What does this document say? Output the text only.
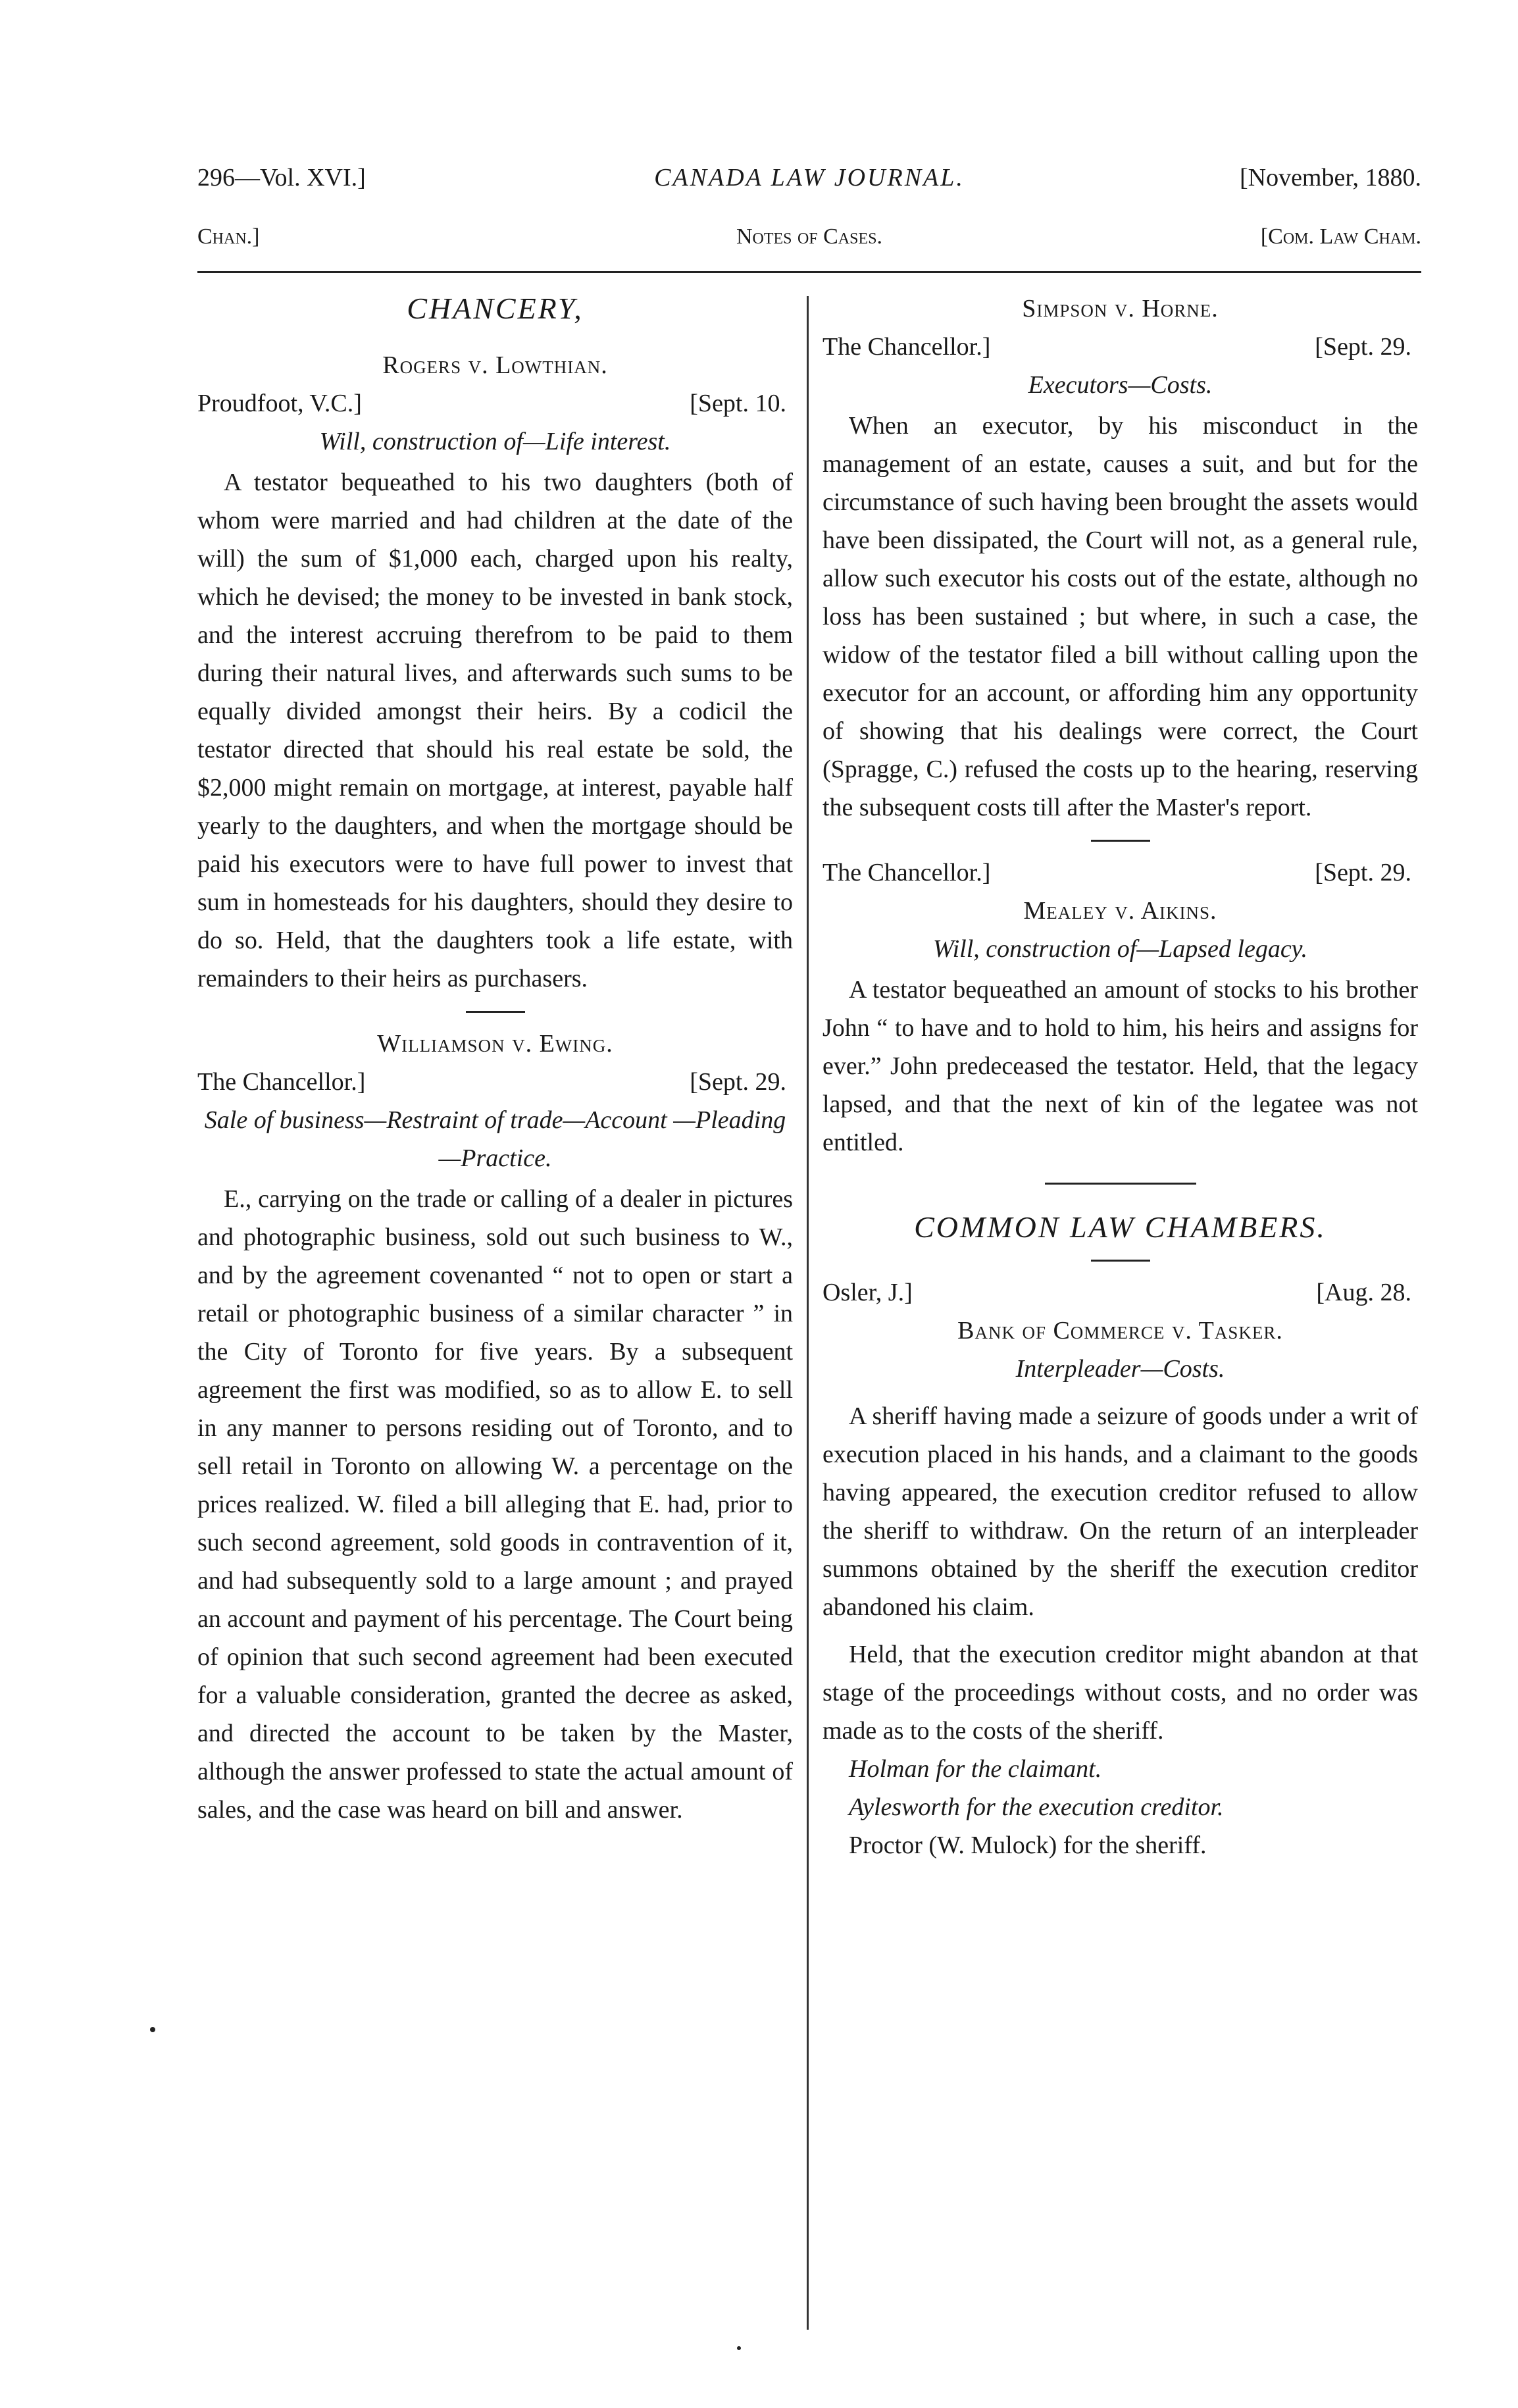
296—Vol. XVI.]	CANADA LAW JOURNAL.	[November, 1880.
Chan.]	Notes of Cases.	[Com. Law Cham.
CHANCERY,
Rogers v. Lowthian.
Proudfoot, V.C.]	[Sept. 10.
Will, construction of—Life interest.

A testator bequeathed to his two daughters (both of whom were married and had children at the date of the will) the sum of $1,000 each, charged upon his realty, which he devised; the money to be invested in bank stock, and the interest accruing therefrom to be paid to them during their natural lives, and afterwards such sums to be equally divided amongst their heirs. By a codicil the testator directed that should his real estate be sold, the $2,000 might remain on mortgage, at interest, payable half yearly to the daughters, and when the mortgage should be paid his executors were to have full power to invest that sum in homesteads for his daughters, should they desire to do so. Held, that the daughters took a life estate, with remainders to their heirs as purchasers.

Williamson v. Ewing.
The Chancellor.]	[Sept. 29.
Sale of business—Restraint of trade—Account —Pleading—Practice.

E., carrying on the trade or calling of a dealer in pictures and photographic business, sold out such business to W., and by the agreement covenanted “ not to open or start a retail or photographic business of a similar character ” in the City of Toronto for five years. By a subsequent agreement the first was modified, so as to allow E. to sell in any manner to persons residing out of Toronto, and to sell retail in Toronto on allowing W. a percentage on the prices realized. W. filed a bill alleging that E. had, prior to such second agreement, sold goods in contravention of it, and had subsequently sold to a large amount ; and prayed an account and payment of his percentage. The Court being of opinion that such second agreement had been executed for a valuable consideration, granted the decree as asked, and directed the account to be taken by the Master, although the answer professed to state the actual amount of sales, and the case was heard on bill and answer.

Simpson v. Horne.
The Chancellor.]	[Sept. 29.
Executors—Costs.

When an executor, by his misconduct in the management of an estate, causes a suit, and but for the circumstance of such having been brought the assets would have been dissipated, the Court will not, as a general rule, allow such executor his costs out of the estate, although no loss has been sustained ; but where, in such a case, the widow of the testator filed a bill without calling upon the executor for an account, or affording him any opportunity of showing that his dealings were correct, the Court (Spragge, C.) refused the costs up to the hearing, reserving the subsequent costs till after the Master's report.

The Chancellor.]	[Sept. 29.
Mealey v. Aikins.
Will, construction of—Lapsed legacy.

A testator bequeathed an amount of stocks to his brother John “ to have and to hold to him, his heirs and assigns for ever.” John predeceased the testator. Held, that the legacy lapsed, and that the next of kin of the legatee was not entitled.

COMMON LAW CHAMBERS.
Osler, J.]	[Aug. 28.
Bank of Commerce v. Tasker.
Interpleader—Costs.

A sheriff having made a seizure of goods under a writ of execution placed in his hands, and a claimant to the goods having appeared, the execution creditor refused to allow the sheriff to withdraw. On the return of an interpleader summons obtained by the sheriff the execution creditor abandoned his claim.

Held, that the execution creditor might abandon at that stage of the proceedings without costs, and no order was made as to the costs of the sheriff.

Holman for the claimant.

Aylesworth for the execution creditor.

Proctor (W. Mulock) for the sheriff.
